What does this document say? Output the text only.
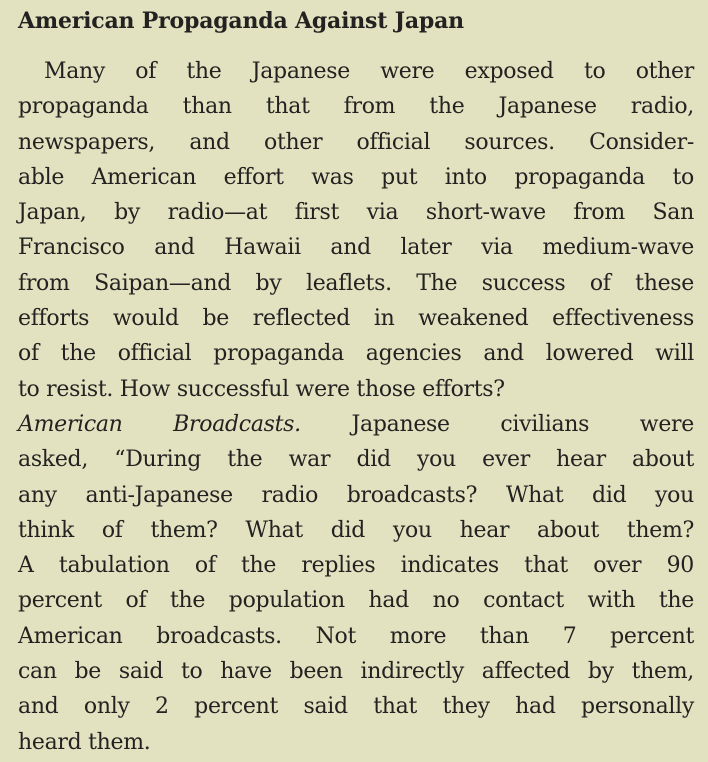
American Propaganda Against Japan
Many of the Japanese were exposed to other
propaganda than that from the Japanese radio,
newspapers, and other official sources. Consider-
able American effort was put into propaganda to
Japan, by radio—at first via short-wave from San
Francisco and Hawaii and later via medium-wave
from Saipan—and by leaflets. The success of these
efforts would be reflected in weakened effectiveness
of the official propaganda agencies and lowered will
to resist. How successful were those efforts?
American Broadcasts. Japanese civilians were
asked, “During the war did you ever hear about
any anti-Japanese radio broadcasts? What did you
think of them? What did you hear about them?
A tabulation of the replies indicates that over 90
percent of the population had no contact with the
American broadcasts. Not more than 7 percent
can be said to have been indirectly affected by them,
and only 2 percent said that they had personally
heard them.
